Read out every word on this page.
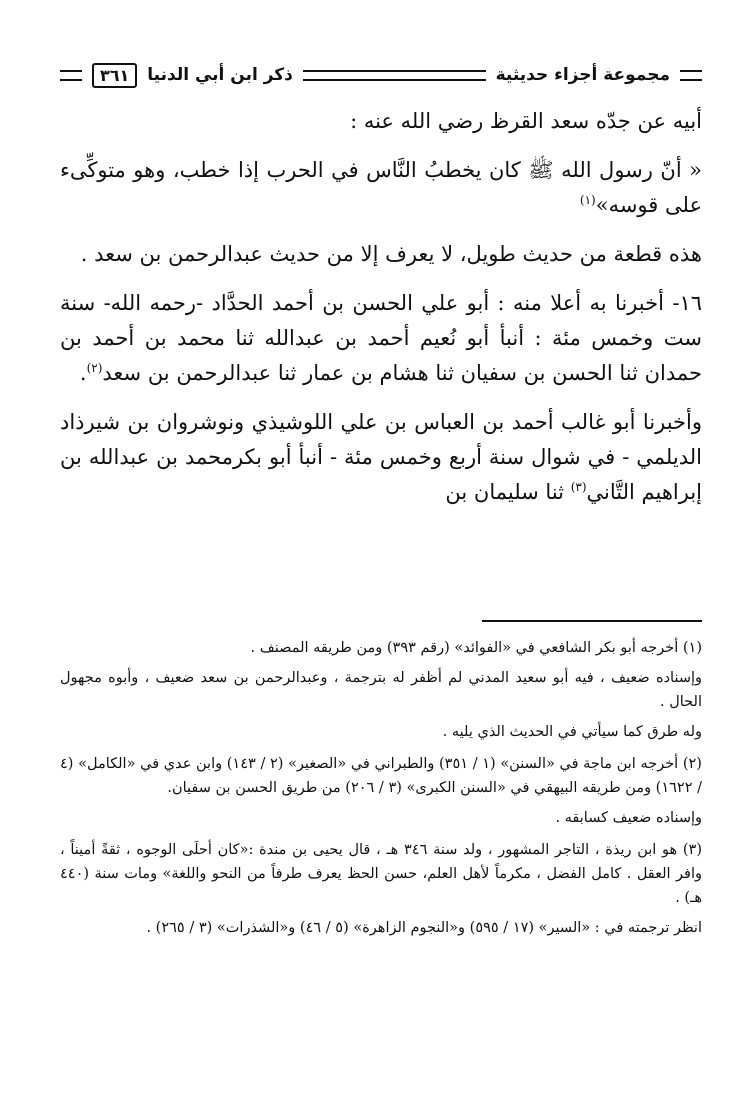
مجموعة أجزاء حديثية
ذكر ابن أبي الدنيا
٣٦١

أبيه عن جدّه سعد القرظ رضي الله عنه :

« أنّ رسول الله ﷺ كان يخطبُ النَّاس في الحرب إذا خطب، وهو متوكِّىء على قوسه»$^{(١)}$

هذه قطعة من حديث طويل، لا يعرف إلا من حديث عبدالرحمن بن سعد .

١٦- أخبرنا به أعلا منه : أبو علي الحسن بن أحمد الحدَّاد -رحمه الله- سنة ست وخمس مئة : أنبأ أبو نُعيم أحمد بن عبدالله ثنا محمد بن أحمد بن حمدان ثنا الحسن بن سفيان ثنا هشام بن عمار ثنا عبدالرحمن بن سعد$^{(٢)}$.

وأخبرنا أبو غالب أحمد بن العباس بن علي اللوشيذي ونوشروان بن شيرذاد الديلمي - في شوال سنة أربع وخمس مئة - أنبأ أبو بكرمحمد بن عبدالله بن إبراهيم التَّاني$^{(٣)}$ ثنا سليمان بن

(١) أخرجه أبو بكر الشافعي في «الفوائد» (رقم ٣٩٣) ومن طريقه المصنف .

وإسناده ضعيف ، فيه أبو سعيد المدني لم أظفر له بترجمة ، وعبدالرحمن بن سعد ضعيف ، وأبوه مجهول الحال .

وله طرق كما سيأتي في الحديث الذي يليه .

(٢) أخرجه ابن ماجة في «السنن» (١ / ٣٥١) والطبراني في «الصغير» (٢ / ١٤٣) وابن عدي في «الكامل» (٤ / ١٦٢٢) ومن طريقه البيهقي في «السنن الكبرى» (٣ / ٢٠٦) من طريق الحسن بن سفيان.

وإسناده ضعيف كسابقه .

(٣) هو ابن ريذة ، التاجر المشهور ، ولد سنة ٣٤٦ هـ ، قال يحيى بن مندة :«كان أحلَى الوجوه ، ثقةً أميناً ، وافر العقل . كامل الفضل ، مكرماً لأهل العلم، حسن الحظ يعرف طرفاً من النحو واللغة» ومات سنة (٤٤٠ هـ) .

انظر ترجمته في : «السير» (١٧ / ٥٩٥) و«النجوم الزاهرة» (٥ / ٤٦) و«الشذرات» (٣ / ٢٦٥) .
